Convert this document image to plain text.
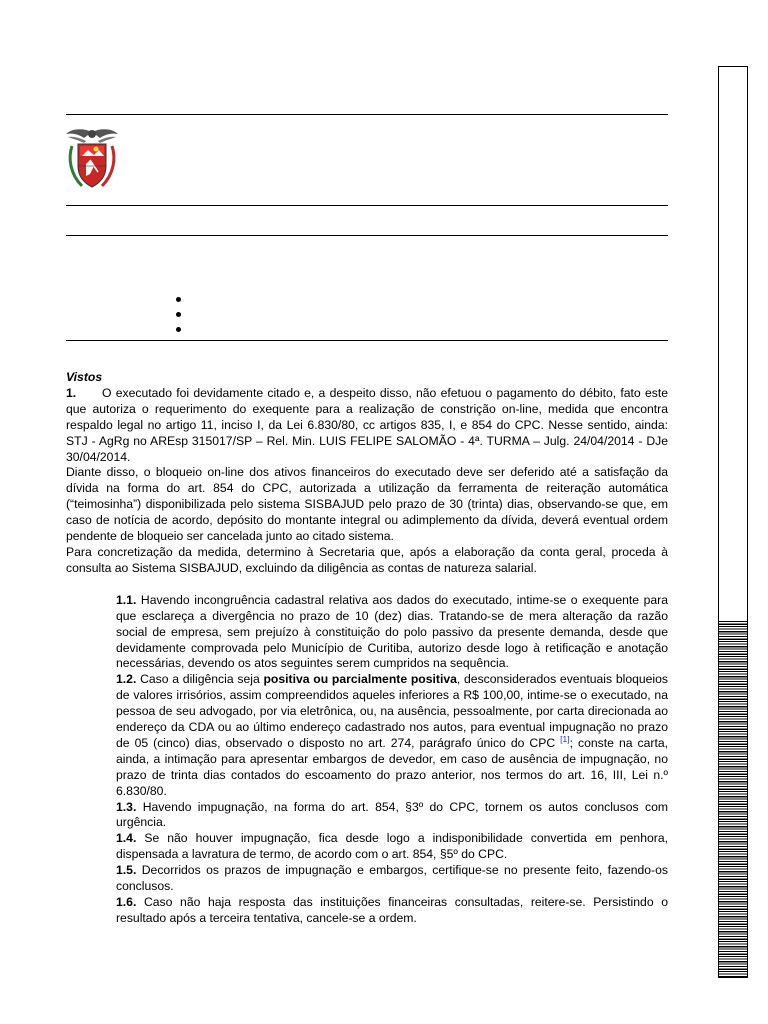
Vistos

1. O executado foi devidamente citado e, a despeito disso, não efetuou o pagamento do débito, fato este que autoriza o requerimento do exequente para a realização de constrição on-line, medida que encontra respaldo legal no artigo 11, inciso I, da Lei 6.830/80, cc artigos 835, I, e 854 do CPC. Nesse sentido, ainda: STJ - AgRg no AREsp 315017/SP – Rel. Min. LUIS FELIPE SALOMÃO - 4ª. TURMA – Julg. 24/04/2014 - DJe 30/04/2014.

Diante disso, o bloqueio on-line dos ativos financeiros do executado deve ser deferido até a satisfação da dívida na forma do art. 854 do CPC, autorizada a utilização da ferramenta de reiteração automática (“teimosinha”) disponibilizada pelo sistema SISBAJUD pelo prazo de 30 (trinta) dias, observando-se que, em caso de notícia de acordo, depósito do montante integral ou adimplemento da dívida, deverá eventual ordem pendente de bloqueio ser cancelada junto ao citado sistema.

Para concretização da medida, determino à Secretaria que, após a elaboração da conta geral, proceda à consulta ao Sistema SISBAJUD, excluindo da diligência as contas de natureza salarial.

1.1. Havendo incongruência cadastral relativa aos dados do executado, intime-se o exequente para que esclareça a divergência no prazo de 10 (dez) dias. Tratando-se de mera alteração da razão social de empresa, sem prejuízo à constituição do polo passivo da presente demanda, desde que devidamente comprovada pelo Município de Curitiba, autorizo desde logo à retificação e anotação necessárias, devendo os atos seguintes serem cumpridos na sequência.

1.2. Caso a diligência seja positiva ou parcialmente positiva, desconsiderados eventuais bloqueios de valores irrisórios, assim compreendidos aqueles inferiores a R$ 100,00, intime-se o executado, na pessoa de seu advogado, por via eletrônica, ou, na ausência, pessoalmente, por carta direcionada ao endereço da CDA ou ao último endereço cadastrado nos autos, para eventual impugnação no prazo de 05 (cinco) dias, observado o disposto no art. 274, parágrafo único do CPC [1]; conste na carta, ainda, a intimação para apresentar embargos de devedor, em caso de ausência de impugnação, no prazo de trinta dias contados do escoamento do prazo anterior, nos termos do art. 16, III, Lei n.º 6.830/80.

1.3. Havendo impugnação, na forma do art. 854, §3º do CPC, tornem os autos conclusos com urgência.

1.4. Se não houver impugnação, fica desde logo a indisponibilidade convertida em penhora, dispensada a lavratura de termo, de acordo com o art. 854, §5º do CPC.

1.5. Decorridos os prazos de impugnação e embargos, certifique-se no presente feito, fazendo-os conclusos.

1.6. Caso não haja resposta das instituições financeiras consultadas, reitere-se. Persistindo o resultado após a terceira tentativa, cancele-se a ordem.
